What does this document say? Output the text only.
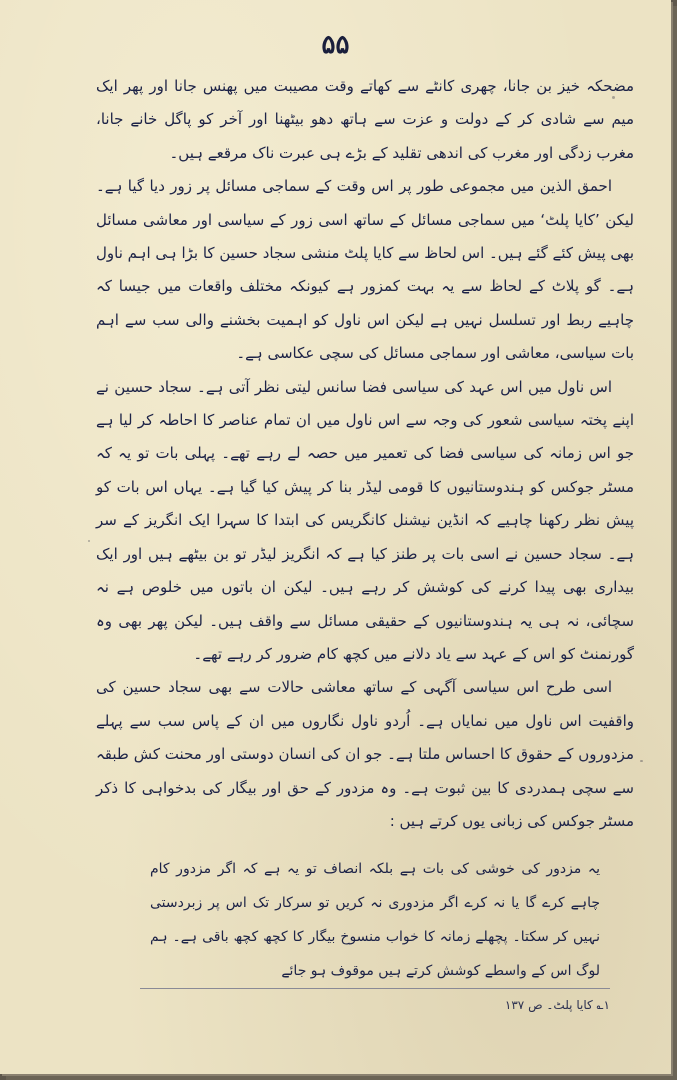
۵۵

مضحکہ خیز بن جانا، چھری کانٹے سے کھاتے وقت مصیبت میں پھنس جانا اور پھر ایک میم سے شادی کر کے دولت و عزت سے ہاتھ دھو بیٹھنا اور آخر کو پاگل خانے جانا، مغرب زدگی اور مغرب کی اندھی تقلید کے بڑے ہی عبرت ناک مرقعے ہیں۔

احمق الذین میں مجموعی طور پر اس وقت کے سماجی مسائل پر زور دیا گیا ہے۔ لیکن ’کایا پلٹ‘ میں سماجی مسائل کے ساتھ اسی زور کے سیاسی اور معاشی مسائل بھی پیش کئے گئے ہیں۔ اس لحاظ سے کایا پلٹ منشی سجاد حسین کا بڑا ہی اہم ناول ہے۔ گو پلاٹ کے لحاظ سے یہ بہت کمزور ہے کیونکہ مختلف واقعات میں جیسا کہ چاہیے ربط اور تسلسل نہیں ہے لیکن اس ناول کو اہمیت بخشنے والی سب سے اہم بات سیاسی، معاشی اور سماجی مسائل کی سچی عکاسی ہے۔

اس ناول میں اس عہد کی سیاسی فضا سانس لیتی نظر آتی ہے۔ سجاد حسین نے اپنے پختہ سیاسی شعور کی وجہ سے اس ناول میں ان تمام عناصر کا احاطہ کر لیا ہے جو اس زمانہ کی سیاسی فضا کی تعمیر میں حصہ لے رہے تھے۔ پہلی بات تو یہ کہ مسٹر جوکس کو ہندوستانیوں کا قومی لیڈر بنا کر پیش کیا گیا ہے۔ یہاں اس بات کو پیش نظر رکھنا چاہیے کہ انڈین نیشنل کانگریس کی ابتدا کا سہرا ایک انگریز کے سر ہے۔ سجاد حسین نے اسی بات پر طنز کیا ہے کہ انگریز لیڈر تو بن بیٹھے ہیں اور ایک بیداری بھی پیدا کرنے کی کوشش کر رہے ہیں۔ لیکن ان باتوں میں خلوص ہے نہ سچائی، نہ ہی یہ ہندوستانیوں کے حقیقی مسائل سے واقف ہیں۔ لیکن پھر بھی وہ گورنمنٹ کو اس کے عہد سے یاد دلانے میں کچھ کام ضرور کر رہے تھے۔

اسی طرح اس سیاسی آگہی کے ساتھ معاشی حالات سے بھی سجاد حسین کی واقفیت اس ناول میں نمایاں ہے۔ اُردو ناول نگاروں میں ان کے پاس سب سے پہلے مزدوروں کے حقوق کا احساس ملتا ہے۔ جو ان کی انسان دوستی اور محنت کش طبقہ سے سچی ہمدردی کا بین ثبوت ہے۔ وہ مزدور کے حق اور بیگار کی بدخواہی کا ذکر مسٹر جوکس کی زبانی یوں کرتے ہیں :

یہ مزدور کی خوشی کی بات ہے بلکہ انصاف تو یہ ہے کہ اگر مزدور کام چاہے کرے گا یا نہ کرے اگر مزدوری نہ کریں تو سرکار تک اس پر زبردستی نہیں کر سکتا۔ پچھلے زمانہ کا خواب منسوخ بیگار کا کچھ کچھ باقی ہے۔ ہم لوگ اس کے واسطے کوشش کرتے ہیں موقوف ہو جائے

۱؎ کایا پلٹ۔ ص ۱۳۷
